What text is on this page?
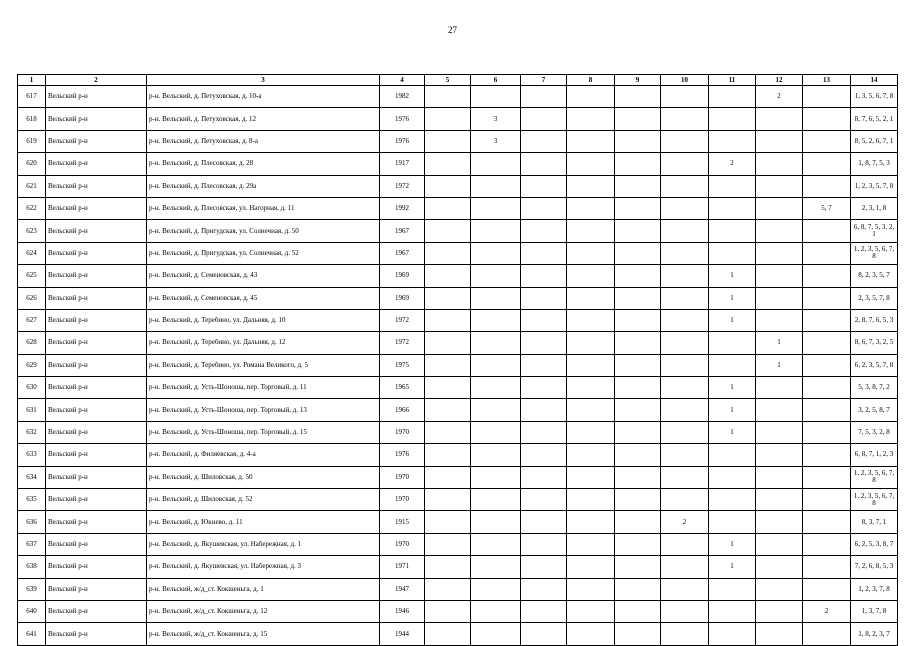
27
1	2	3	4	5	6	7	8	9	10	11	12	13	14

617	Вельский р-н	р-н. Вельский, д. Петуховская, д. 10-а	1982								2		1, 3, 5, 6, 7, 8

618	Вельский р-н	р-н. Вельский, д. Петуховская, д. 12	1976		3								8, 7, 6, 5, 2, 1

619	Вельский р-н	р-н. Вельский, д. Петуховская, д. 8-а	1976		3								8, 5, 2, 6, 7, 1

620	Вельский р-н	р-н. Вельский, д. Плесовская, д. 28	1917							2			1, 8, 7, 5, 3

621	Вельский р-н	р-н. Вельский, д. Плесовская, д. 29а	1972										1, 2, 3, 5, 7, 8

622	Вельский р-н	р-н. Вельский, д. Плесовская, ул. Нагорная, д. 11	1992									5, 7	2, 3, 1, 8

623	Вельский р-н	р-н. Вельский, д. Пригудская, ул. Солнечная, д. 50	1967										6, 8, 7, 5, 3, 2, 1

624	Вельский р-н	р-н. Вельский, д. Пригудская, ул. Солнечная, д. 52	1967										1, 2, 3, 5, 6, 7, 8

625	Вельский р-н	р-н. Вельский, д. Семеновская, д. 43	1969							1			8, 2, 3, 5, 7

626	Вельский р-н	р-н. Вельский, д. Семеновская, д. 45	1969							1			2, 3, 5, 7, 8

627	Вельский р-н	р-н. Вельский, д. Теребино, ул. Дальняя, д. 10	1972							1			2, 8, 7, 6, 5, 3

628	Вельский р-н	р-н. Вельский, д. Теребино, ул. Дальняя, д. 12	1972								1		8, 6, 7, 3, 2, 5

629	Вельский р-н	р-н. Вельский, д. Теребино, ул. Романа Великого, д. 5	1975								1		6, 2, 3, 5, 7, 8

630	Вельский р-н	р-н. Вельский, д. Усть-Шоноша, пер. Торговый, д. 11	1965							1			5, 3, 8, 7, 2

631	Вельский р-н	р-н. Вельский, д. Усть-Шоноша, пер. Торговый, д. 13	1966							1			3, 2, 5, 8, 7

632	Вельский р-н	р-н. Вельский, д. Усть-Шоноша, пер. Торговый, д. 15	1970							1			7, 5, 3, 2, 8

633	Вельский р-н	р-н. Вельский, д. Филяевская, д. 4-а	1976										6, 8, 7, 1, 2, 3

634	Вельский р-н	р-н. Вельский, д. Шиловская, д. 50	1970										1, 2, 3, 5, 6, 7, 8

635	Вельский р-н	р-н. Вельский, д. Шиловская, д. 52	1970										1, 2, 3, 5, 6, 7, 8

636	Вельский р-н	р-н. Вельский, д. Юкнево, д. 11	1915						2				8, 3, 7, 1

637	Вельский р-н	р-н. Вельский, д. Якушевская, ул. Набережная, д. 1	1970							1			6, 2, 5, 3, 8, 7

638	Вельский р-н	р-н. Вельский, д. Якушевская, ул. Набережная, д. 3	1971							1			7, 2, 6, 8, 5, 3

639	Вельский р-н	р-н. Вельский, ж/д_ст. Кокшеньга, д. 1	1947										1, 2, 3, 7, 8

640	Вельский р-н	р-н. Вельский, ж/д_ст. Кокшеньга, д. 12	1946									2	1, 3, 7, 8

641	Вельский р-н	р-н. Вельский, ж/д_ст. Кокшеньга, д. 15	1944										1, 8, 2, 3, 7
